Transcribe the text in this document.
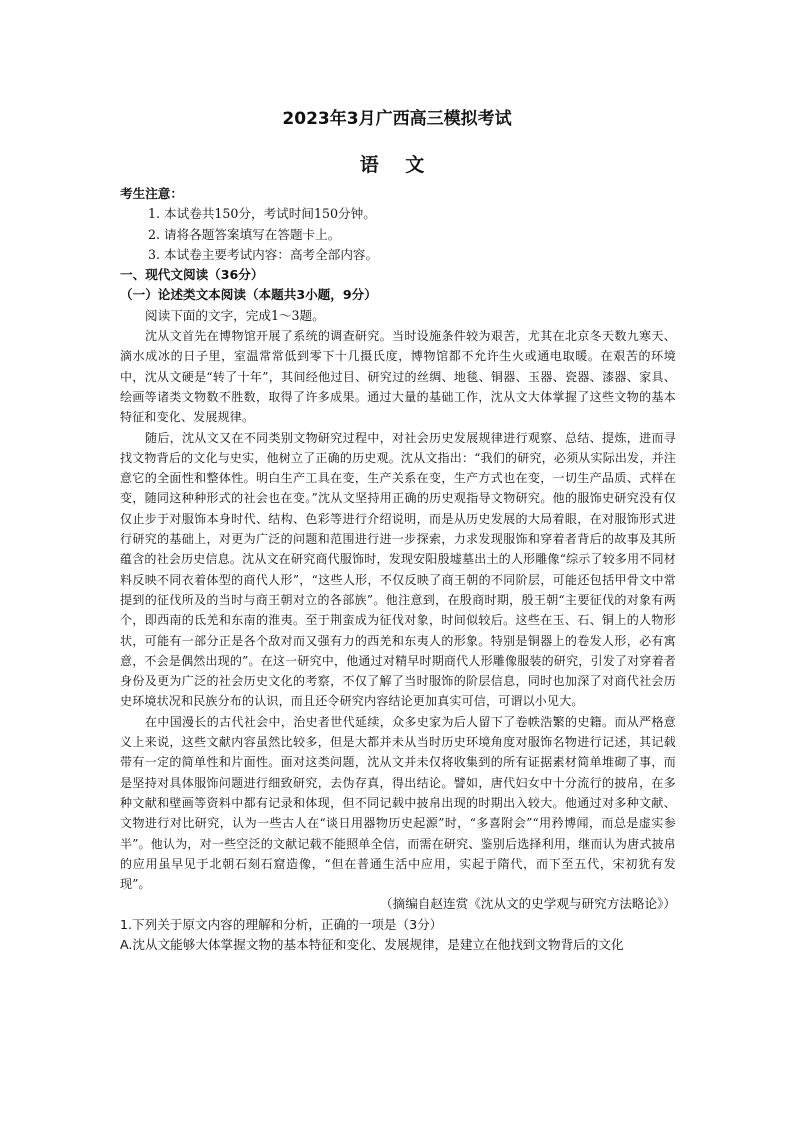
2023年3月广西高三模拟考试
语 文

考生注意：

1. 本试卷共150分，考试时间150分钟。

2. 请将各题答案填写在答题卡上。

3. 本试卷主要考试内容：高考全部内容。

一、现代文阅读（36分）

（一）论述类文本阅读（本题共3小题，9分）

阅读下面的文字，完成1～3题。

沈从文首先在博物馆开展了系统的调查研究。当时设施条件较为艰苦，尤其在北京冬天数九寒天、滴水成冰的日子里，室温常常低到零下十几摄氏度，博物馆都不允许生火或通电取暖。在艰苦的环境中，沈从文硬是“转了十年”，其间经他过目、研究过的丝绸、地毯、铜器、玉器、瓷器、漆器、家具、绘画等诸类文物数不胜数，取得了许多成果。通过大量的基础工作，沈从文大体掌握了这些文物的基本特征和变化、发展规律。

随后，沈从文又在不同类别文物研究过程中，对社会历史发展规律进行观察、总结、提炼，进而寻找文物背后的文化与史实，他树立了正确的历史观。沈从文指出：“我们的研究，必须从实际出发，并注意它的全面性和整体性。明白生产工具在变，生产关系在变，生产方式也在变，一切生产品质、式样在变，随同这种种形式的社会也在变。”沈从文坚持用正确的历史观指导文物研究。他的服饰史研究没有仅仅止步于对服饰本身时代、结构、色彩等进行介绍说明，而是从历史发展的大局着眼，在对服饰形式进行研究的基础上，对更为广泛的问题和范围进行进一步探索，力求发现服饰和穿着者背后的故事及其所蕴含的社会历史信息。沈从文在研究商代服饰时，发现安阳殷墟墓出土的人形雕像“综示了较多用不同材料反映不同衣着体型的商代人形”，“这些人形，不仅反映了商王朝的不同阶层，可能还包括甲骨文中常提到的征伐所及的当时与商王朝对立的各部族”。他注意到，在殷商时期，殷王朝“主要征伐的对象有两个，即西南的氐羌和东南的淮夷。至于荆蛮成为征伐对象，时间似较后。这些在玉、石、铜上的人物形状，可能有一部分正是各个敌对而又强有力的西羌和东夷人的形象。特别是铜器上的卷发人形，必有寓意，不会是偶然出现的”。在这一研究中，他通过对精早时期商代人形雕像服装的研究，引发了对穿着者身份及更为广泛的社会历史文化的考察，不仅了解了当时服饰的阶层信息，同时也加深了对商代社会历史环境状况和民族分布的认识，而且还令研究内容结论更加真实可信，可谓以小见大。

在中国漫长的古代社会中，治史者世代延续，众多史家为后人留下了卷帙浩繁的史籍。而从严格意义上来说，这些文献内容虽然比较多，但是大都并未从当时历史环境角度对服饰名物进行记述，其记载带有一定的简单性和片面性。面对这类问题，沈从文并未仅将收集到的所有证据素材简单堆砌了事，而是坚持对具体服饰问题进行细致研究，去伪存真，得出结论。譬如，唐代妇女中十分流行的披帛，在多种文献和壁画等资料中都有记录和体现，但不同记载中披帛出现的时期出入较大。他通过对多种文献、文物进行对比研究，认为一些古人在“谈日用器物历史起源”时，“多喜附会”“用矜博闻，而总是虚实参半”。他认为，对一些空泛的文献记载不能照单全信，而需在研究、鉴别后选择利用，继而认为唐式披帛的应用虽早见于北朝石刻石窟造像，“但在普通生活中应用，实起于隋代，而下至五代，宋初犹有发现”。

（摘编自赵连赏《沈从文的史学观与研究方法略论》）

1.下列关于原文内容的理解和分析，正确的一项是（3分）

A.沈从文能够大体掌握文物的基本特征和变化、发展规律，是建立在他找到文物背后的文化
